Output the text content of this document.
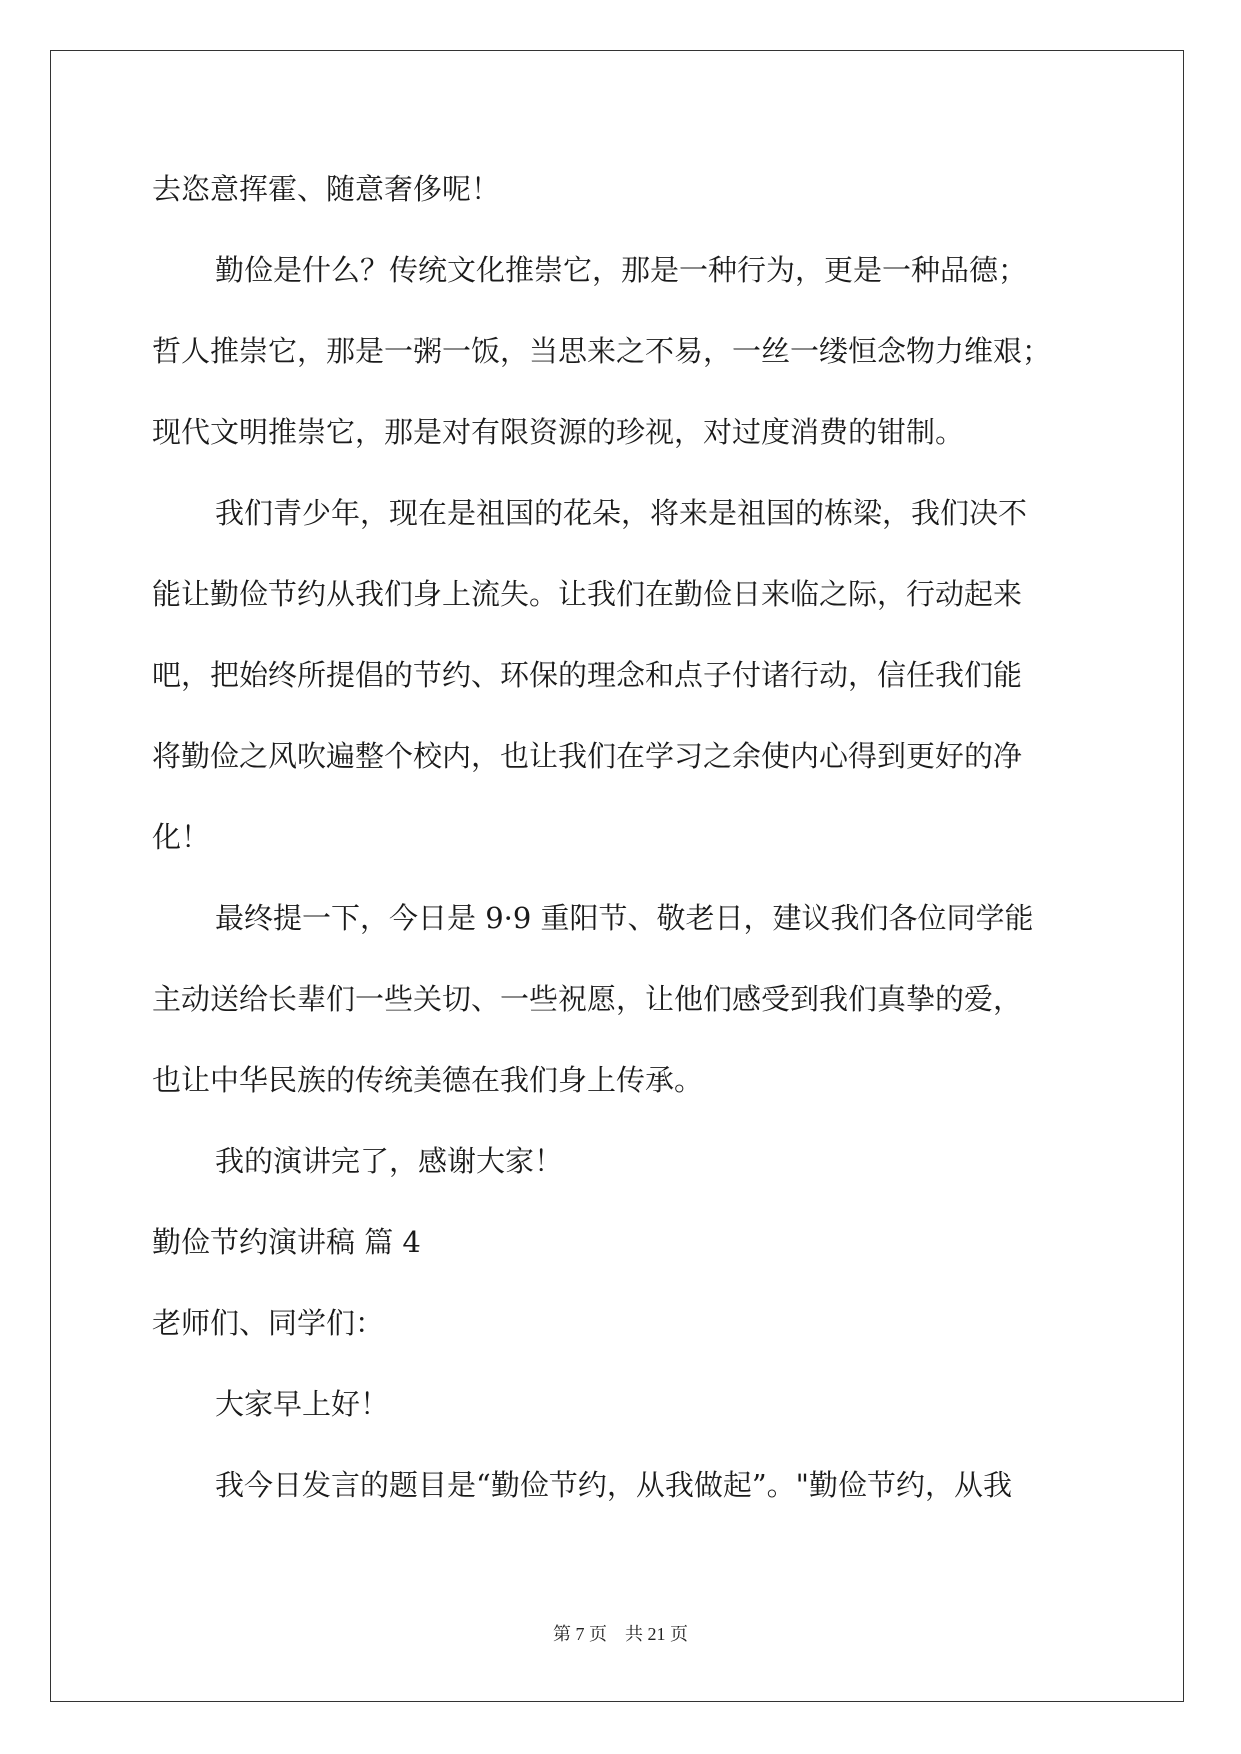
去恣意挥霍、随意奢侈呢！

勤俭是什么？传统文化推崇它，那是一种行为，更是一种品德；

哲人推崇它，那是一粥一饭，当思来之不易，一丝一缕恒念物力维艰；

现代文明推崇它，那是对有限资源的珍视，对过度消费的钳制。

我们青少年，现在是祖国的花朵，将来是祖国的栋梁，我们决不

能让勤俭节约从我们身上流失。让我们在勤俭日来临之际，行动起来

吧，把始终所提倡的节约、环保的理念和点子付诸行动，信任我们能

将勤俭之风吹遍整个校内，也让我们在学习之余使内心得到更好的净

化！

最终提一下，今日是 9·9 重阳节、敬老日，建议我们各位同学能

主动送给长辈们一些关切、一些祝愿，让他们感受到我们真挚的爱，

也让中华民族的传统美德在我们身上传承。

我的演讲完了，感谢大家！

勤俭节约演讲稿 篇 4

老师们、同学们：

大家早上好！

我今日发言的题目是“勤俭节约，从我做起”。"勤俭节约，从我

第 7 页　共 21 页
